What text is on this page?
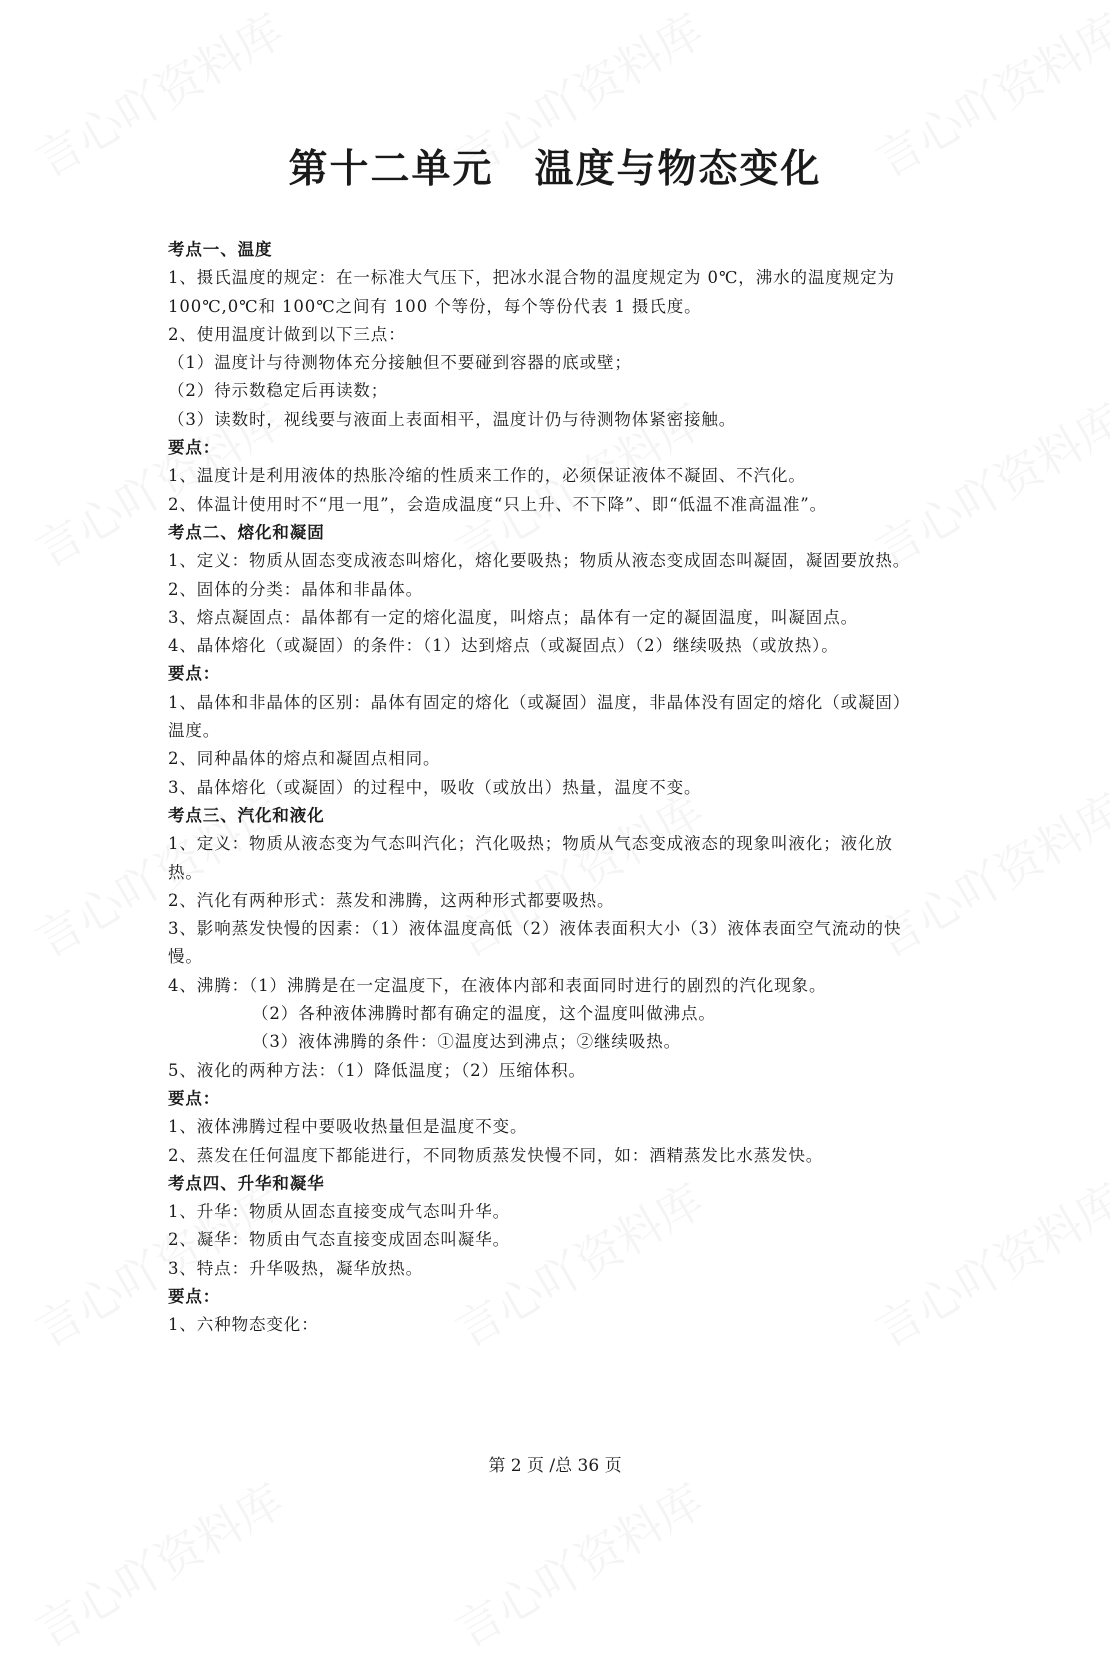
第十二单元　温度与物态变化
考点一、温度
1、摄氏温度的规定：在一标准大气压下，把冰水混合物的温度规定为 0℃，沸水的温度规定为
100℃,0℃和 100℃之间有 100 个等份，每个等份代表 1 摄氏度。
2、使用温度计做到以下三点：
（1）温度计与待测物体充分接触但不要碰到容器的底或壁；
（2）待示数稳定后再读数；
（3）读数时，视线要与液面上表面相平，温度计仍与待测物体紧密接触。
要点：
1、温度计是利用液体的热胀冷缩的性质来工作的，必须保证液体不凝固、不汽化。
2、体温计使用时不“甩一甩”，会造成温度“只上升、不下降”、即“低温不准高温准”。
考点二、熔化和凝固
1、定义：物质从固态变成液态叫熔化，熔化要吸热；物质从液态变成固态叫凝固，凝固要放热。
2、固体的分类：晶体和非晶体。
3、熔点凝固点：晶体都有一定的熔化温度，叫熔点；晶体有一定的凝固温度，叫凝固点。
4、晶体熔化（或凝固）的条件：（1）达到熔点（或凝固点）（2）继续吸热（或放热）。
要点：
1、晶体和非晶体的区别：晶体有固定的熔化（或凝固）温度，非晶体没有固定的熔化（或凝固）
温度。
2、同种晶体的熔点和凝固点相同。
3、晶体熔化（或凝固）的过程中，吸收（或放出）热量，温度不变。
考点三、汽化和液化
1、定义：物质从液态变为气态叫汽化；汽化吸热；物质从气态变成液态的现象叫液化；液化放
热。
2、汽化有两种形式：蒸发和沸腾，这两种形式都要吸热。
3、影响蒸发快慢的因素：（1）液体温度高低（2）液体表面积大小（3）液体表面空气流动的快
慢。
4、沸腾：（1）沸腾是在一定温度下，在液体内部和表面同时进行的剧烈的汽化现象。
（2）各种液体沸腾时都有确定的温度，这个温度叫做沸点。
（3）液体沸腾的条件：①温度达到沸点；②继续吸热。
5、液化的两种方法：（1）降低温度；（2）压缩体积。
要点：
1、液体沸腾过程中要吸收热量但是温度不变。
2、蒸发在任何温度下都能进行，不同物质蒸发快慢不同，如：酒精蒸发比水蒸发快。
考点四、升华和凝华
1、升华：物质从固态直接变成气态叫升华。
2、凝华：物质由气态直接变成固态叫凝华。
3、特点：升华吸热，凝华放热。
要点：
1、六种物态变化：
第 2 页 /总 36 页
